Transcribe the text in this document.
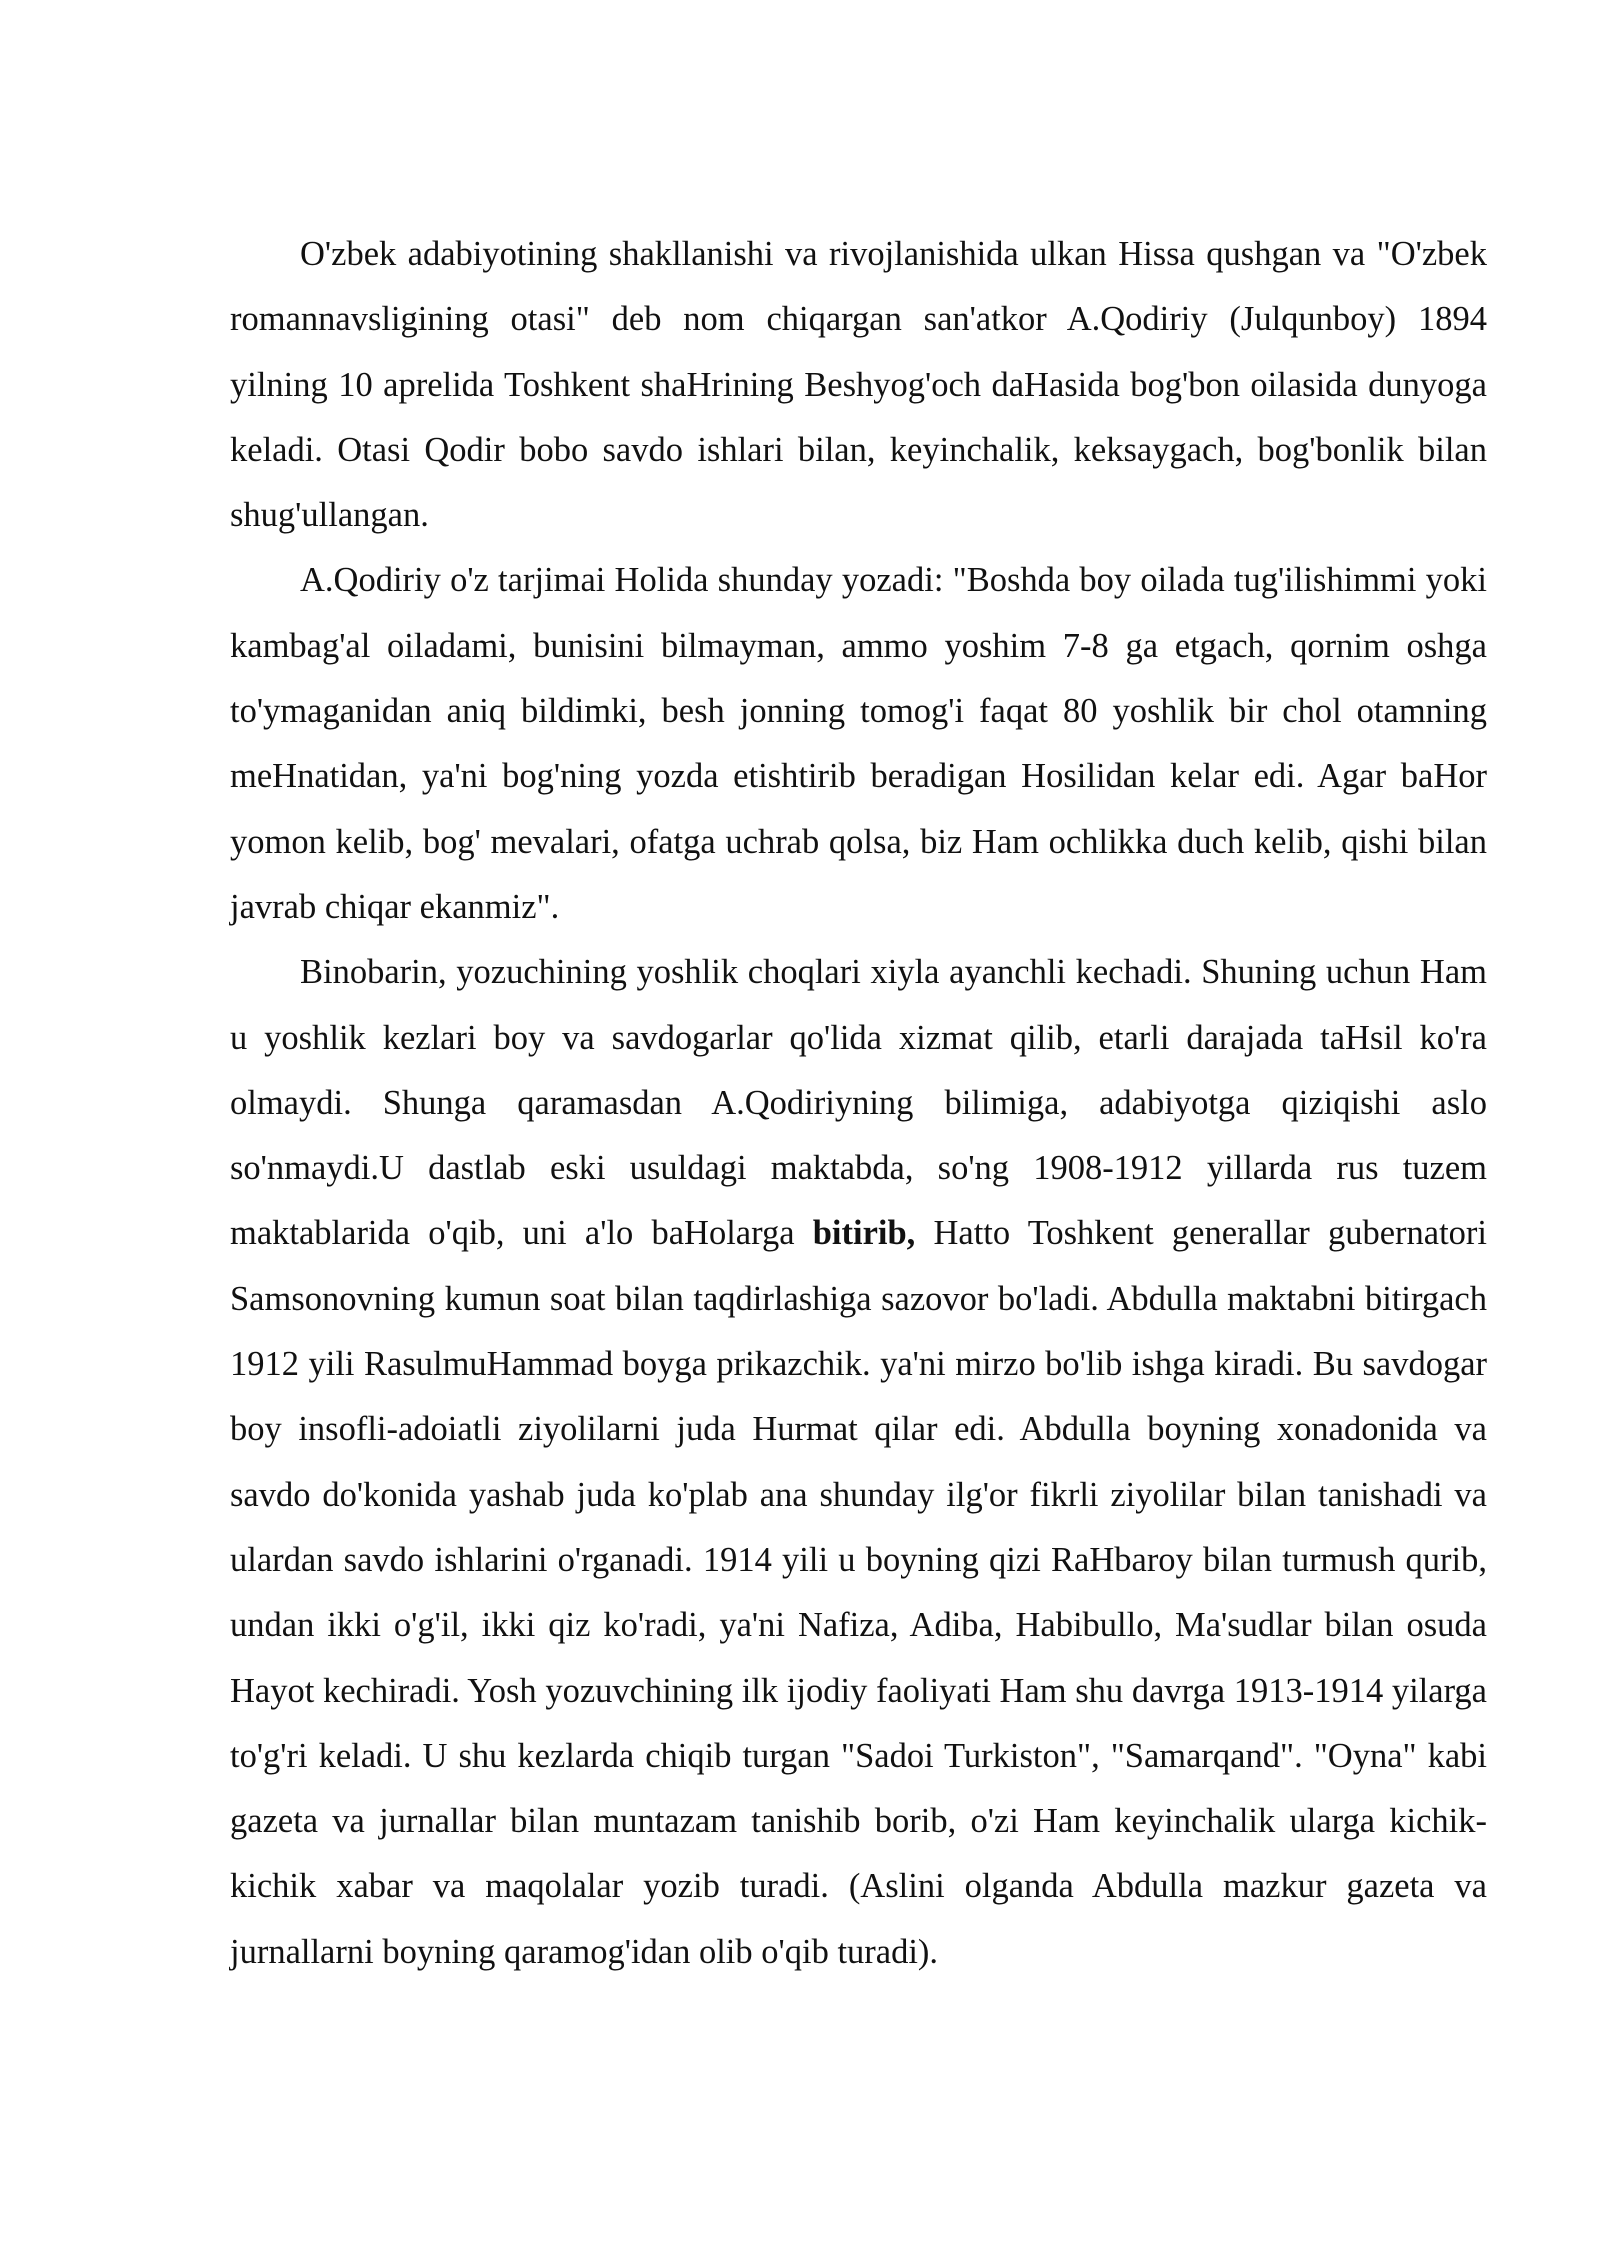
O'zbek adabiyotining shakllanishi va rivojlanishida ulkan Hissa qushgan va "O'zbek romannavsligining otasi" deb nom chiqargan san'atkor A.Qodiriy (Julqunboy) 1894 yilning 10 aprelida Toshkent shaHrining Beshyog'och daHasida bog'bon oilasida dunyoga keladi. Otasi Qodir bobo savdo ishlari bilan, keyinchalik, keksaygach, bog'bonlik bilan shug'ullangan.

A.Qodiriy o'z tarjimai Holida shunday yozadi: "Boshda boy oilada tug'ilishimmi yoki kambag'al oiladami, bunisini bilmayman, ammo yoshim 7-8 ga etgach, qornim oshga to'ymaganidan aniq bildimki, besh jonning tomog'i faqat 80 yoshlik bir chol otamning meHnatidan, ya'ni bog'ning yozda etishtirib beradigan Hosilidan kelar edi. Agar baHor yomon kelib, bog' mevalari, ofatga uchrab qolsa, biz Ham ochlikka duch kelib, qishi bilan javrab chiqar ekanmiz".

Binobarin, yozuchining yoshlik choqlari xiyla ayanchli kechadi. Shuning uchun Ham u yoshlik kezlari boy va savdogarlar qo'lida xizmat qilib, etarli darajada taHsil ko'ra olmaydi. Shunga qaramasdan A.Qodiriyning bilimiga, adabiyotga qiziqishi aslo so'nmaydi.U dastlab eski usuldagi maktabda, so'ng 1908-1912 yillarda rus tuzem maktablarida o'qib, uni a'lo baHolarga bitirib, Hatto Toshkent generallar gubernatori Samsonovning kumun soat bilan taqdirlashiga sazovor bo'ladi. Abdulla maktabni bitirgach 1912 yili RasulmuHammad boyga prikazchik. ya'ni mirzo bo'lib ishga kiradi. Bu savdogar boy insofli-adoiatli ziyolilarni juda Hurmat qilar edi. Abdulla boyning xonadonida va savdo do'konida yashab juda ko'plab ana shunday ilg'or fikrli ziyolilar bilan tanishadi va ulardan savdo ishlarini o'rganadi. 1914 yili u boyning qizi RaHbaroy bilan turmush qurib, undan ikki o'g'il, ikki qiz ko'radi, ya'ni Nafiza, Adiba, Habibullo, Ma'sudlar bilan osuda Hayot kechiradi. Yosh yozuvchining ilk ijodiy faoliyati Ham shu davrga 1913-1914 yilarga to'g'ri keladi. U shu kezlarda chiqib turgan "Sadoi Turkiston", "Samarqand". "Oyna" kabi gazeta va jurnallar bilan muntazam tanishib borib, o'zi Ham keyinchalik ularga kichik-kichik xabar va maqolalar yozib turadi. (Aslini olganda Abdulla mazkur gazeta va jurnallarni boyning qaramog'idan olib o'qib turadi).
